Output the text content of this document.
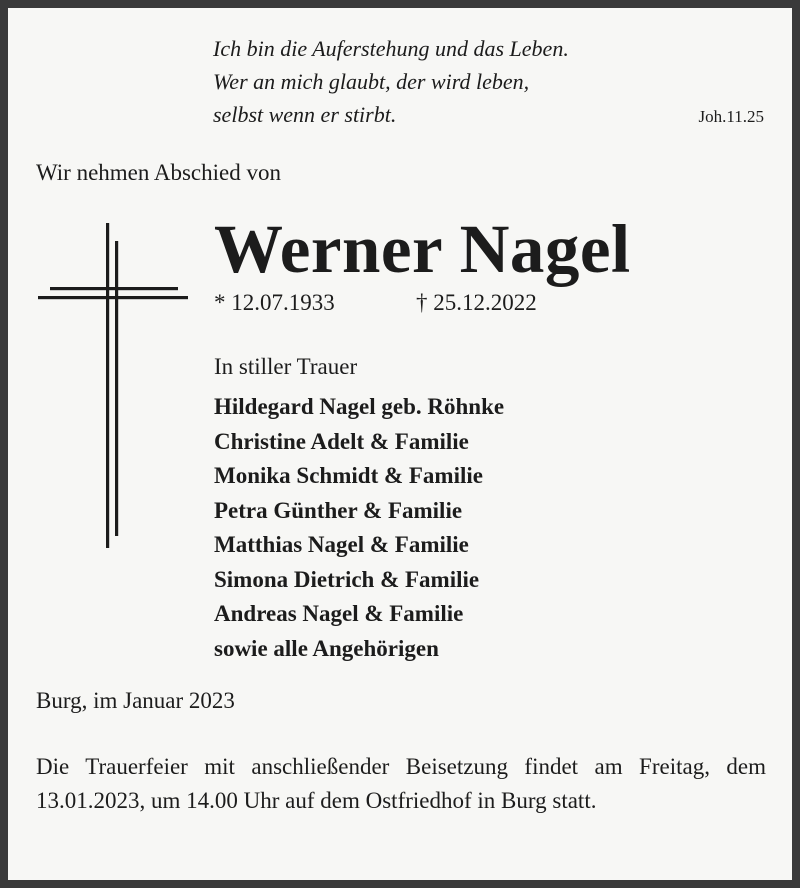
Ich bin die Auferstehung und das Leben.
Wer an mich glaubt, der wird leben,
selbst wenn er stirbt.	Joh.11.25
Wir nehmen Abschied von
Werner Nagel
* 12.07.1933	† 25.12.2022
In stiller Trauer
Hildegard Nagel geb. Röhnke
Christine Adelt & Familie
Monika Schmidt & Familie
Petra Günther & Familie
Matthias Nagel & Familie
Simona Dietrich & Familie
Andreas Nagel & Familie
sowie alle Angehörigen
Burg, im Januar 2023
Die Trauerfeier mit anschließender Beisetzung findet am Freitag, dem 13.01.2023, um 14.00 Uhr auf dem Ostfriedhof in Burg statt.
